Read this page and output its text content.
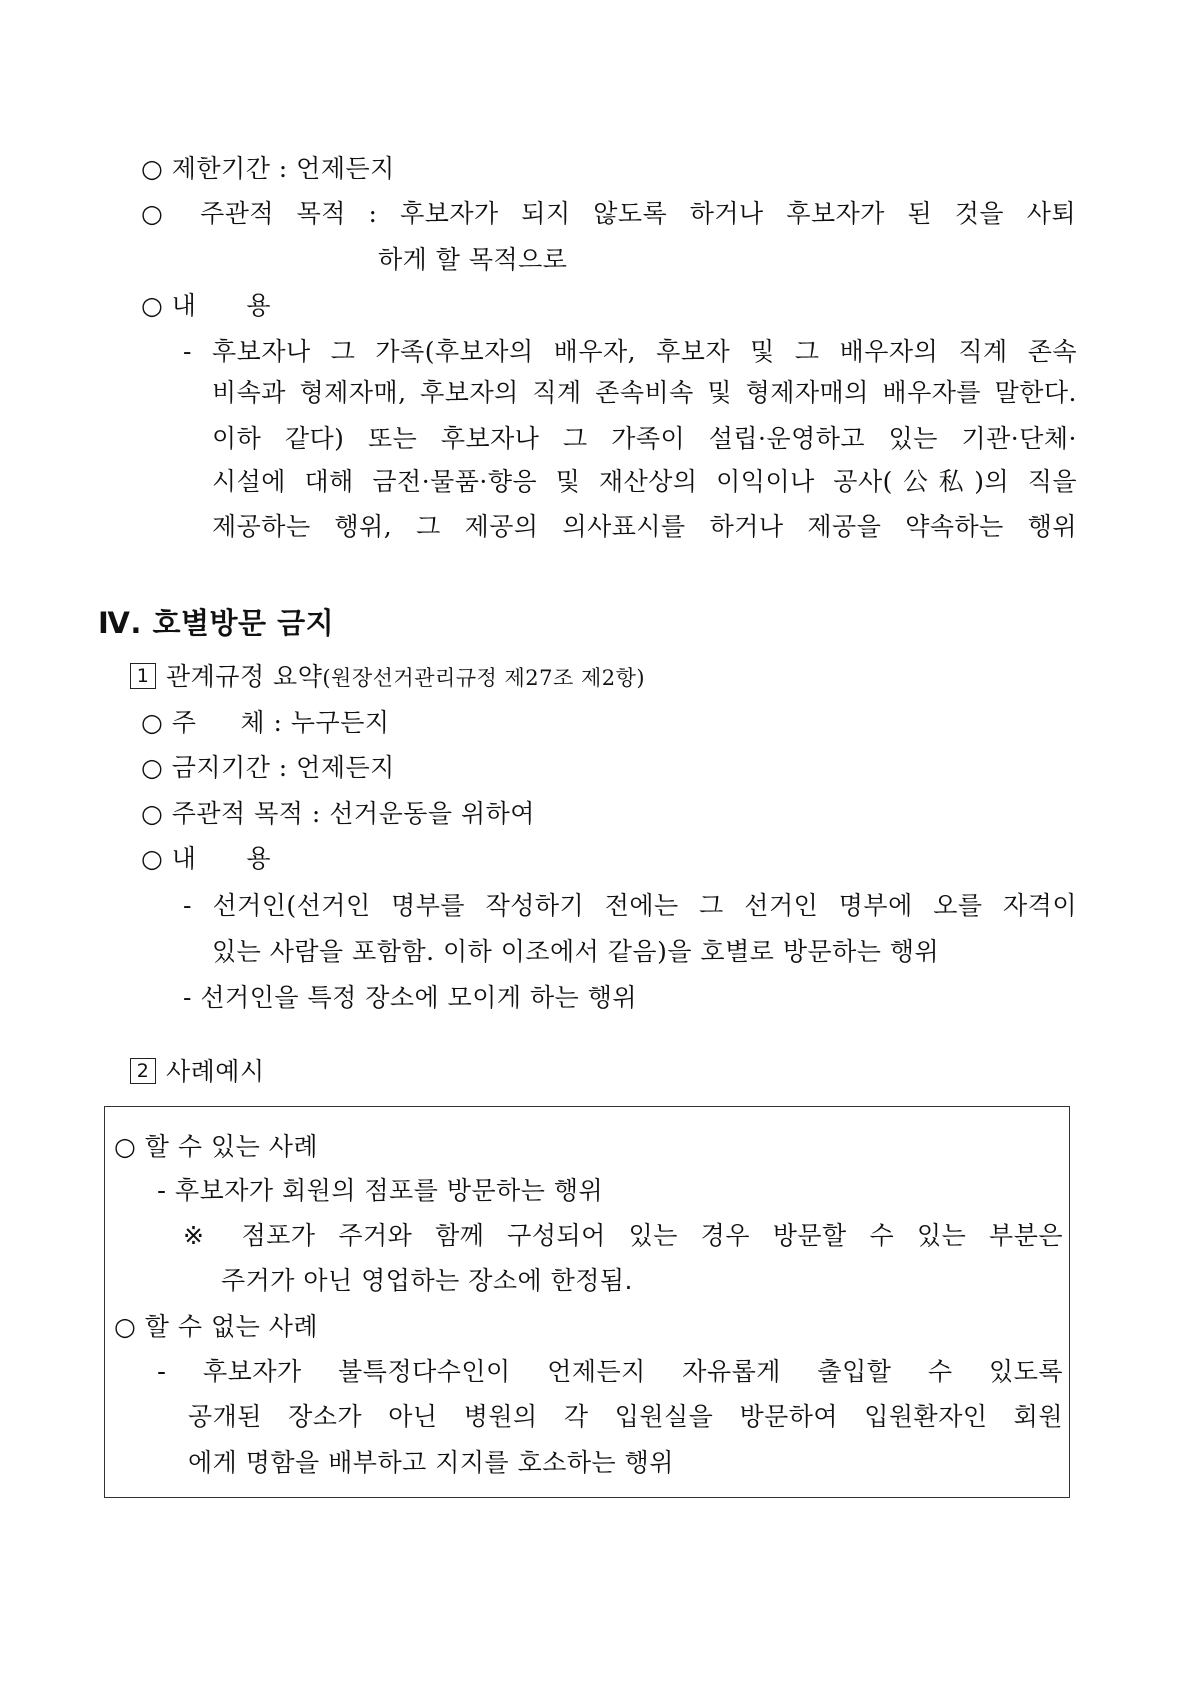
○ 제한기간 : 언제든지
○ 주관적 목적 : 후보자가 되지 않도록 하거나 후보자가 된 것을 사퇴
하게 할 목적으로
○ 내 용
- 후보자나 그 가족(후보자의 배우자, 후보자 및 그 배우자의 직계 존속
비속과 형제자매, 후보자의 직계 존속비속 및 형제자매의 배우자를 말한다.
이하 같다) 또는 후보자나 그 가족이 설립·운영하고 있는 기관·단체·
시설에 대해 금전·물품·향응 및 재산상의 이익이나 공사(公私)의 직을
제공하는 행위, 그 제공의 의사표시를 하거나 제공을 약속하는 행위
Ⅳ. 호별방문 금지
1 관계규정 요약(원장선거관리규정 제27조 제2항)
○ 주 체 : 누구든지
○ 금지기간 : 언제든지
○ 주관적 목적 : 선거운동을 위하여
○ 내 용
- 선거인(선거인 명부를 작성하기 전에는 그 선거인 명부에 오를 자격이
있는 사람을 포함함. 이하 이조에서 같음)을 호별로 방문하는 행위
- 선거인을 특정 장소에 모이게 하는 행위
2 사례예시
○ 할 수 있는 사례
- 후보자가 회원의 점포를 방문하는 행위
※ 점포가 주거와 함께 구성되어 있는 경우 방문할 수 있는 부분은
주거가 아닌 영업하는 장소에 한정됨.
○ 할 수 없는 사례
- 후보자가 불특정다수인이 언제든지 자유롭게 출입할 수 있도록
공개된 장소가 아닌 병원의 각 입원실을 방문하여 입원환자인 회원
에게 명함을 배부하고 지지를 호소하는 행위
